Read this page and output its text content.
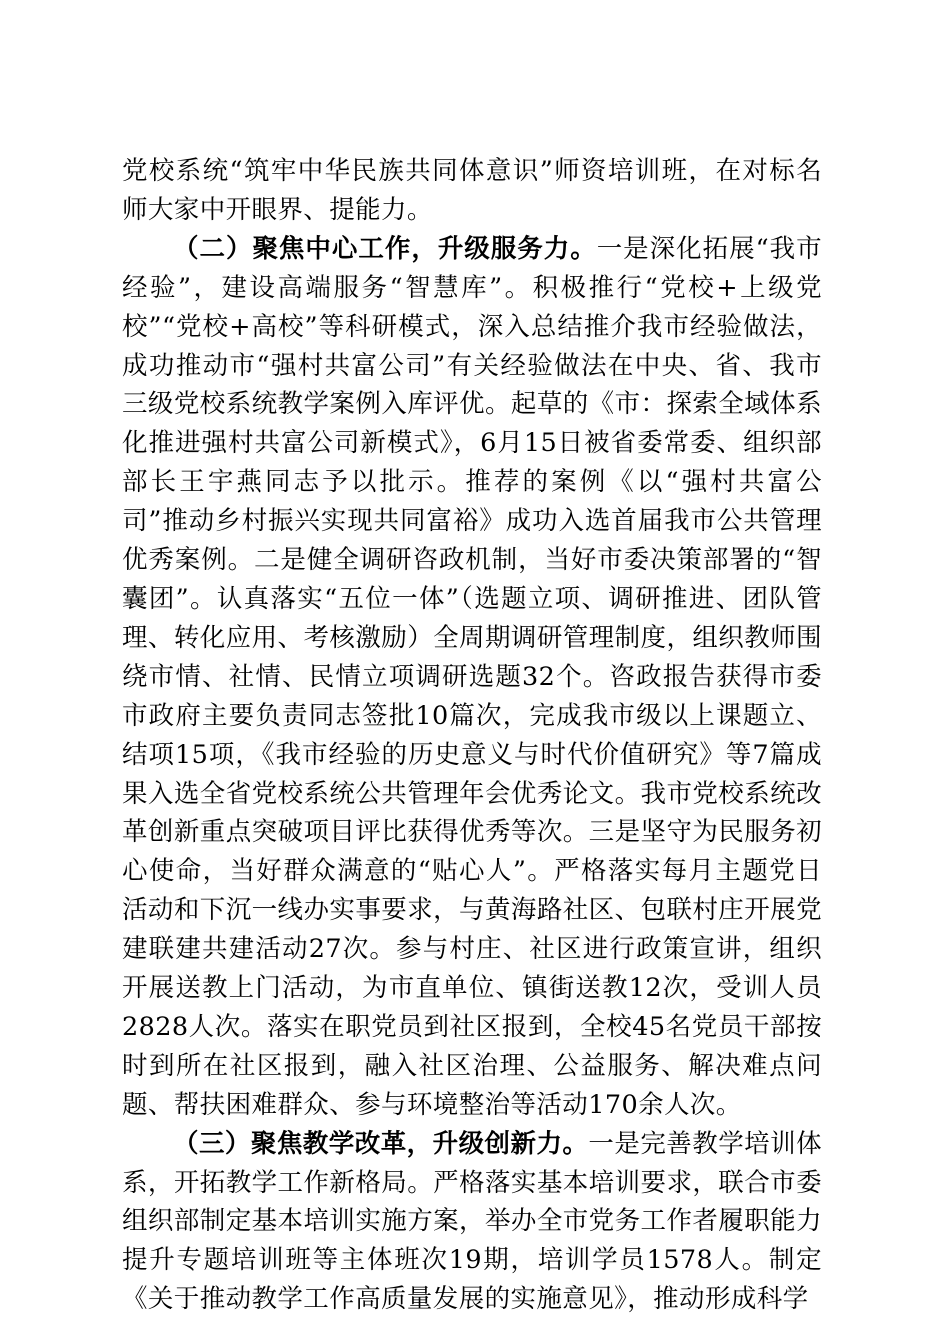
党校系统“筑牢中华民族共同体意识”师资培训班，在对标名师大家中开眼界、提能力。

（二）聚焦中心工作，升级服务力。一是深化拓展“我市经验”，建设高端服务“智慧库”。积极推行“党校+上级党校”“党校+高校”等科研模式，深入总结推介我市经验做法，成功推动市“强村共富公司”有关经验做法在中央、省、我市三级党校系统教学案例入库评优。起草的《市：探索全域体系化推进强村共富公司新模式》，6月15日被省委常委、组织部部长王宇燕同志予以批示。推荐的案例《以“强村共富公司”推动乡村振兴实现共同富裕》成功入选首届我市公共管理优秀案例。二是健全调研咨政机制，当好市委决策部署的“智囊团”。认真落实“五位一体”（选题立项、调研推进、团队管理、转化应用、考核激励）全周期调研管理制度，组织教师围绕市情、社情、民情立项调研选题32个。咨政报告获得市委市政府主要负责同志签批10篇次，完成我市级以上课题立、结项15项，《我市经验的历史意义与时代价值研究》等7篇成果入选全省党校系统公共管理年会优秀论文。我市党校系统改革创新重点突破项目评比获得优秀等次。三是坚守为民服务初心使命，当好群众满意的“贴心人”。严格落实每月主题党日活动和下沉一线办实事要求，与黄海路社区、包联村庄开展党建联建共建活动27次。参与村庄、社区进行政策宣讲，组织开展送教上门活动，为市直单位、镇街送教12次，受训人员2828人次。落实在职党员到社区报到，全校45名党员干部按时到所在社区报到，融入社区治理、公益服务、解决难点问题、帮扶困难群众、参与环境整治等活动170余人次。

（三）聚焦教学改革，升级创新力。一是完善教学培训体系，开拓教学工作新格局。严格落实基本培训要求，联合市委组织部制定基本培训实施方案，举办全市党务工作者履职能力提升专题培训班等主体班次19期，培训学员1578人。制定《关于推动教学工作高质量发展的实施意见》，推动形成科学
